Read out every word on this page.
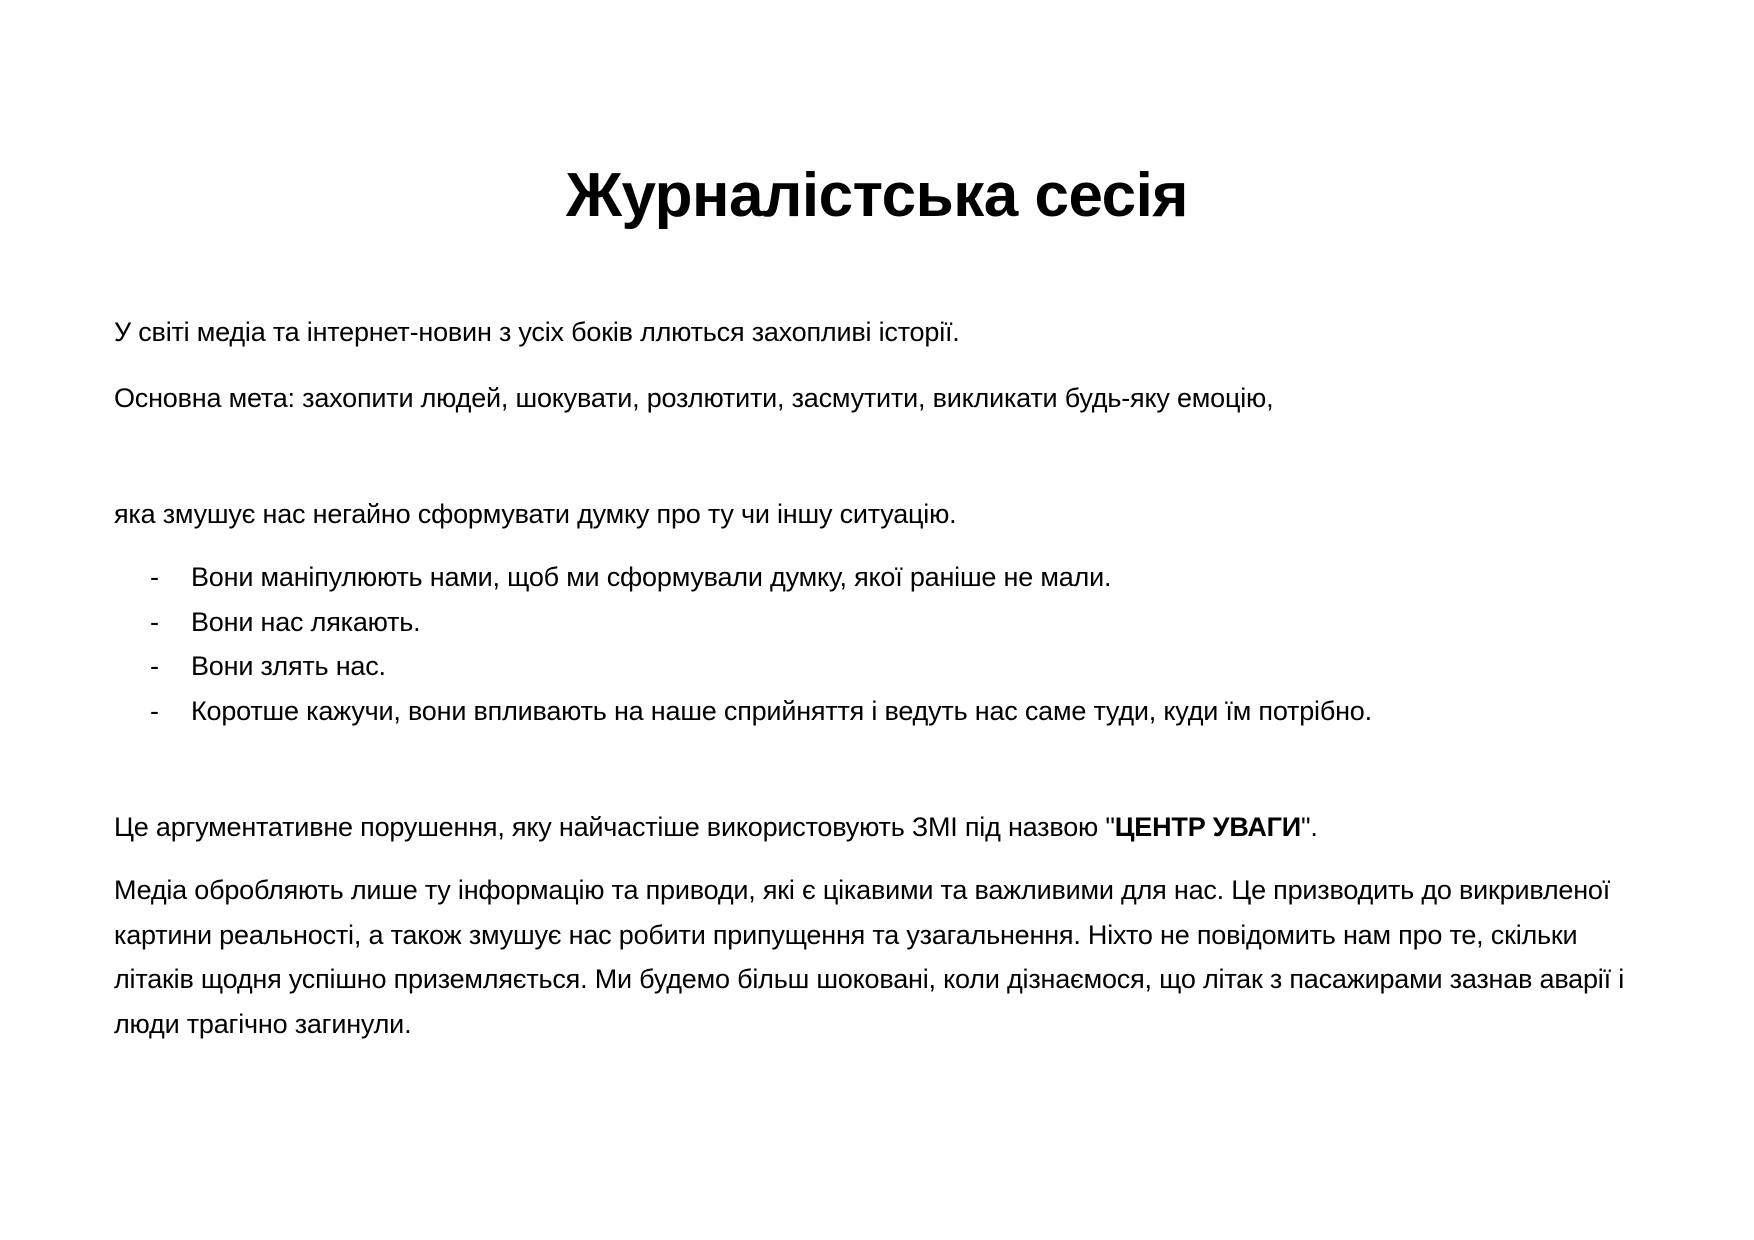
Журналістська сесія

У світі медіа та інтернет-новин з усіх боків ллються захопливі історії.

Основна мета: захопити людей, шокувати, розлютити, засмутити, викликати будь-яку емоцію,

яка змушує нас негайно сформувати думку про ту чи іншу ситуацію.

- Вони маніпулюють нами, щоб ми сформували думку, якої раніше не мали.
- Вони нас лякають.
- Вони злять нас.
- Коротше кажучи, вони впливають на наше сприйняття і ведуть нас саме туди, куди їм потрібно.

Це аргументативне порушення, яку найчастіше використовують ЗМІ під назвою "ЦЕНТР УВАГИ".

Медіа обробляють лише ту інформацію та приводи, які є цікавими та важливими для нас. Це призводить до викривленої картини реальності, а також змушує нас робити припущення та узагальнення. Ніхто не повідомить нам про те, скільки літаків щодня успішно приземляється. Ми будемо більш шоковані, коли дізнаємося, що літак з пасажирами зазнав аварії і люди трагічно загинули.
